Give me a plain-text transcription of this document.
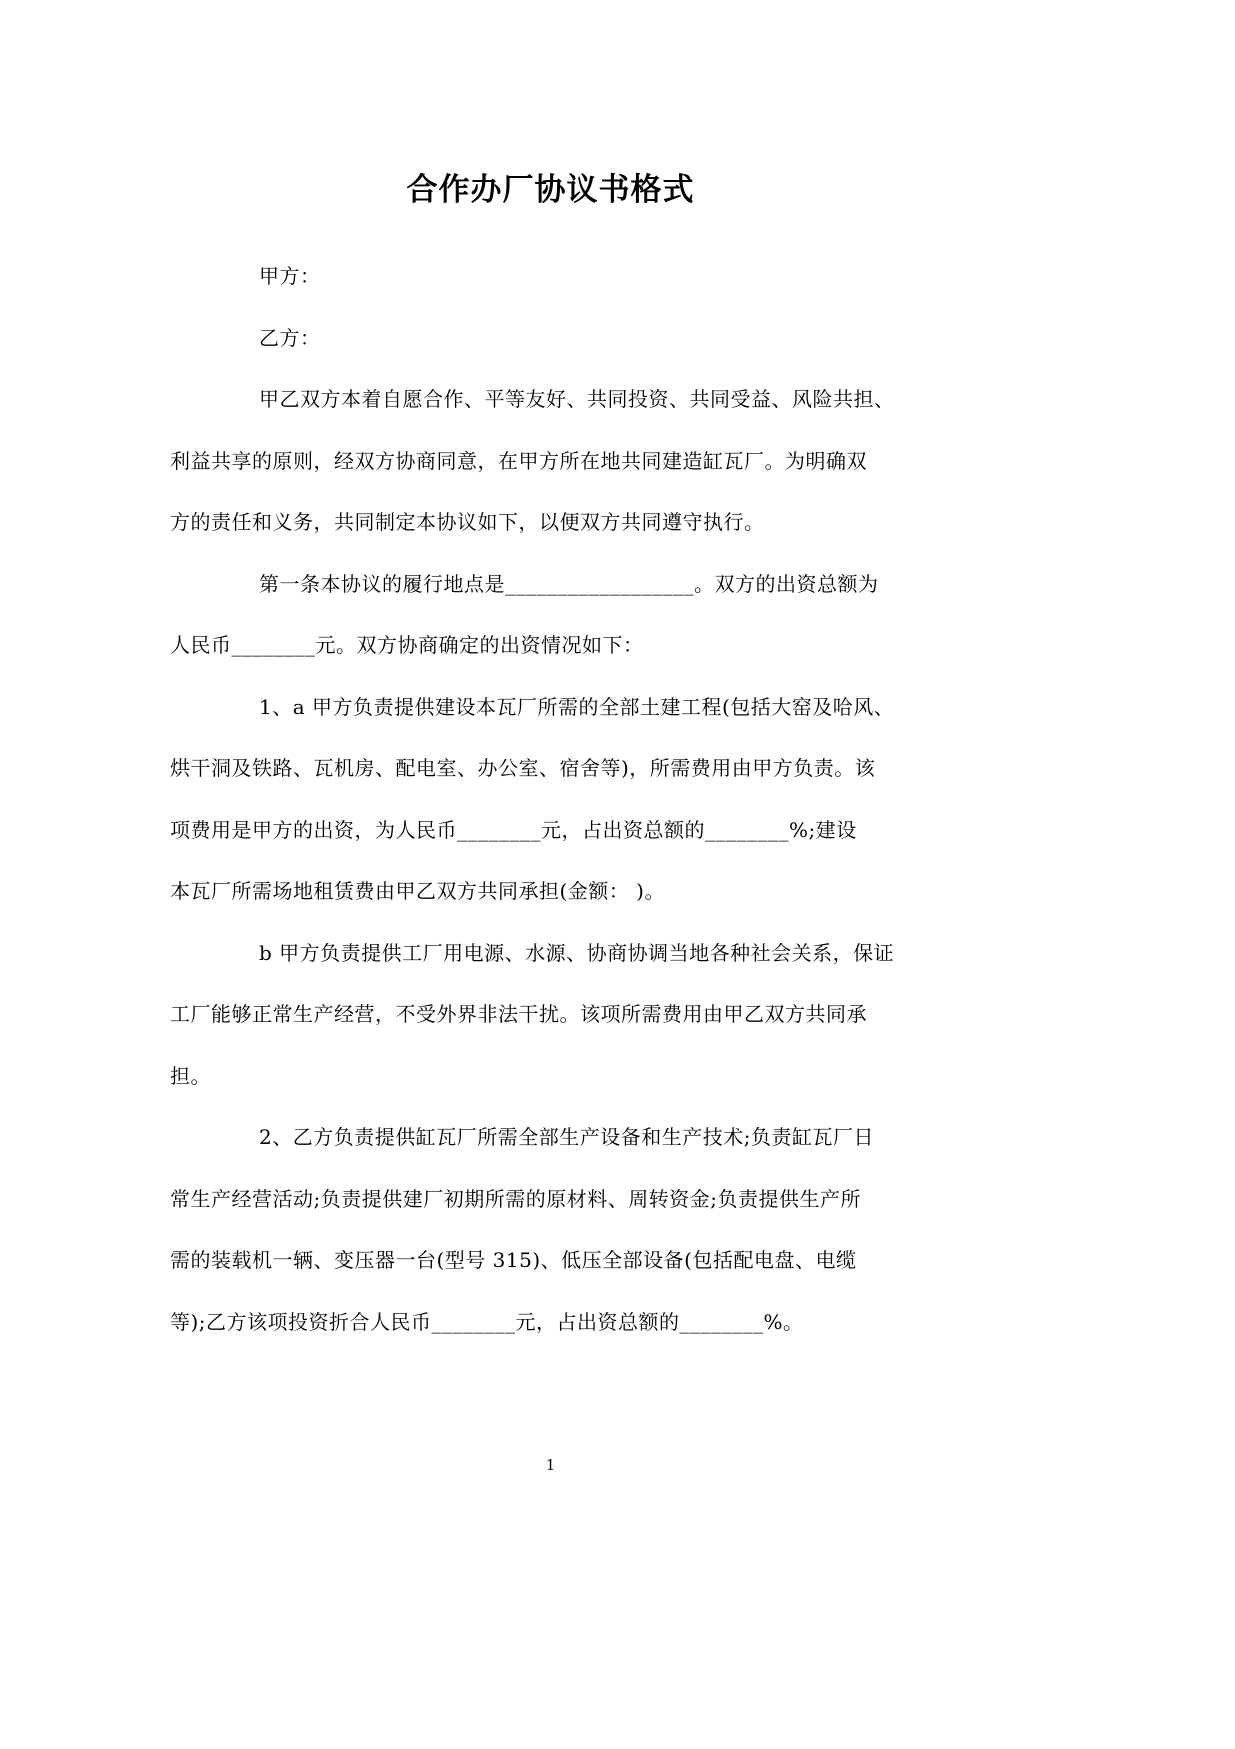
合作办厂协议书格式
甲方：
乙方：
甲乙双方本着自愿合作、平等友好、共同投资、共同受益、风险共担、
利益共享的原则，经双方协商同意，在甲方所在地共同建造缸瓦厂。为明确双
方的责任和义务，共同制定本协议如下，以便双方共同遵守执行。
第一条本协议的履行地点是__________________。双方的出资总额为
人民币________元。双方协商确定的出资情况如下：
1、a 甲方负责提供建设本瓦厂所需的全部土建工程(包括大窑及哈风、
烘干洞及铁路、瓦机房、配电室、办公室、宿舍等)，所需费用由甲方负责。该
项费用是甲方的出资，为人民币________元，占出资总额的________%;建设
本瓦厂所需场地租赁费由甲乙双方共同承担(金额： )。
b 甲方负责提供工厂用电源、水源、协商协调当地各种社会关系，保证
工厂能够正常生产经营，不受外界非法干扰。该项所需费用由甲乙双方共同承
担。
2、乙方负责提供缸瓦厂所需全部生产设备和生产技术;负责缸瓦厂日
常生产经营活动;负责提供建厂初期所需的原材料、周转资金;负责提供生产所
需的装载机一辆、变压器一台(型号 315)、低压全部设备(包括配电盘、电缆
等);乙方该项投资折合人民币________元，占出资总额的________%。
1
